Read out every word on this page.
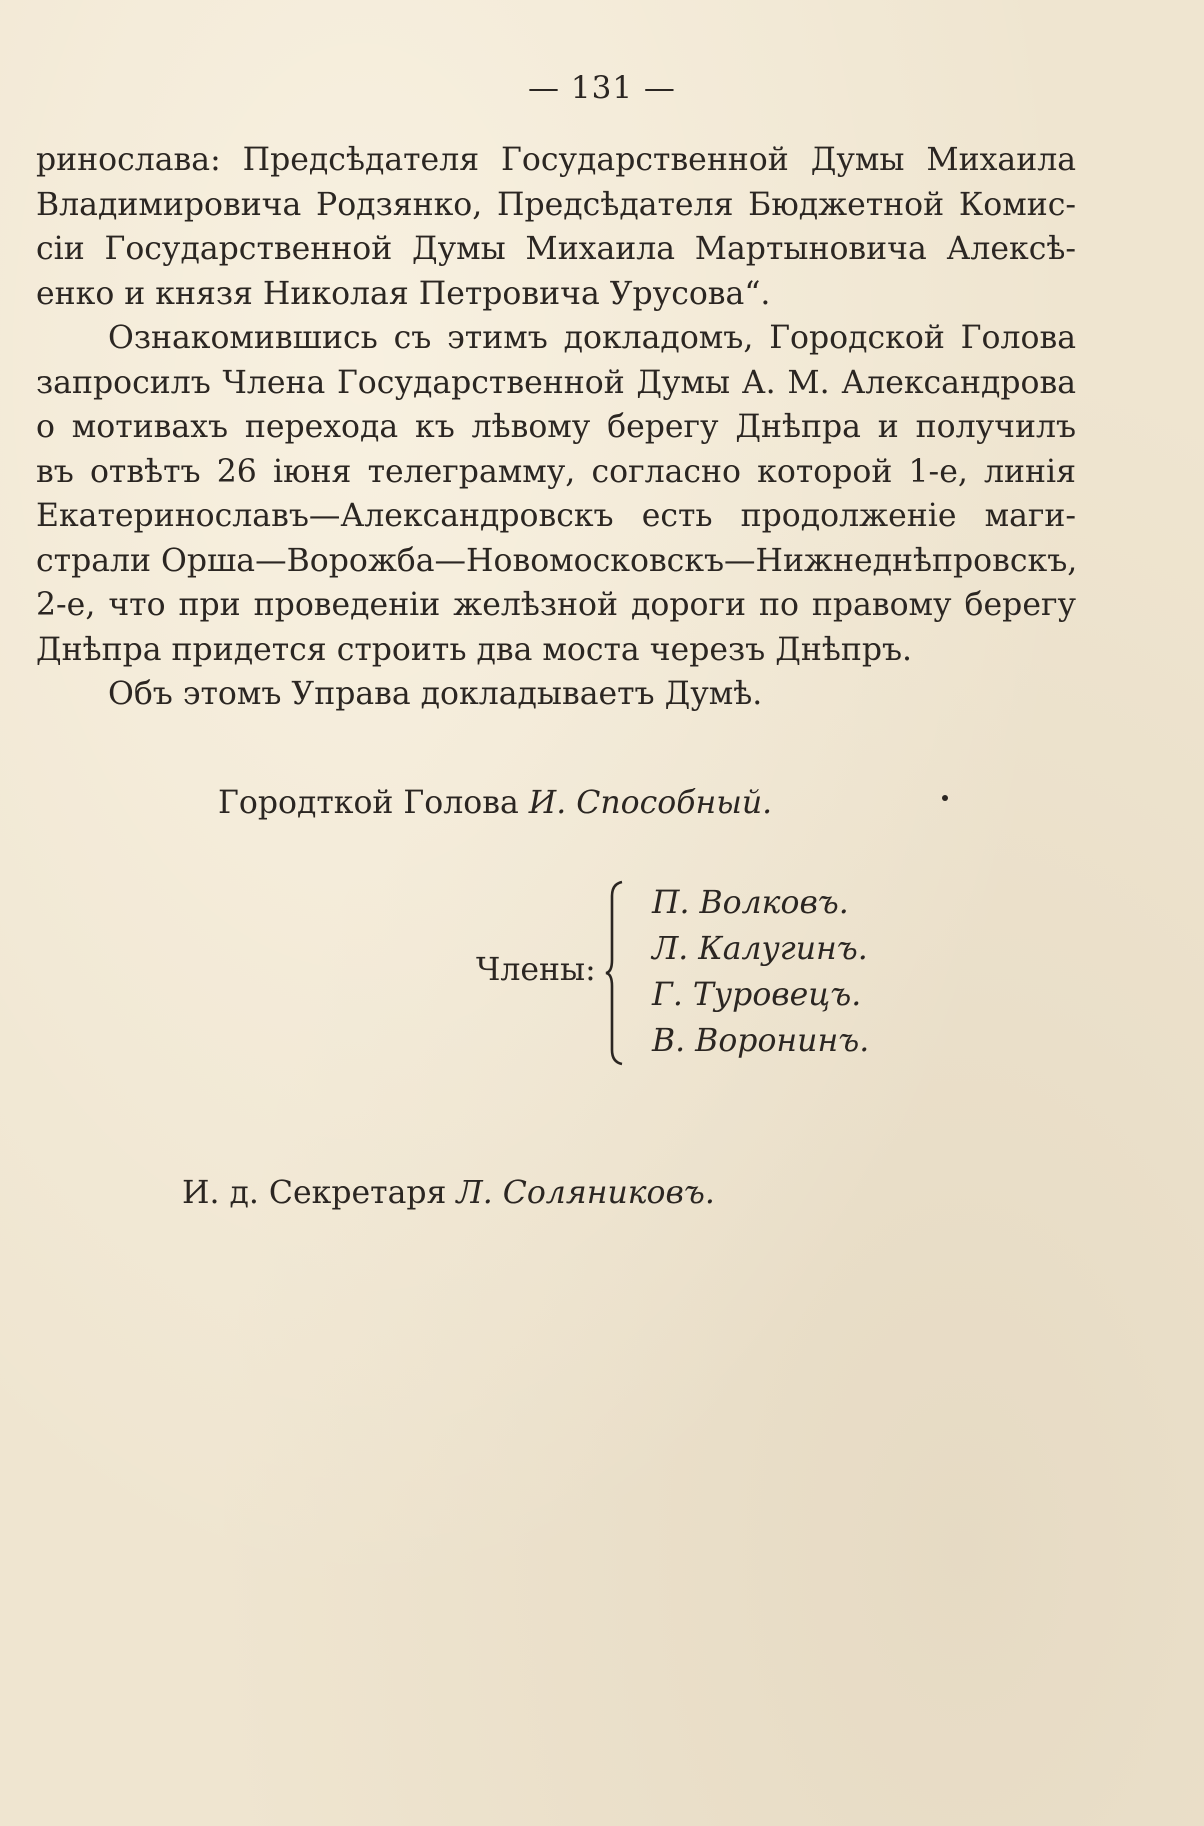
— 131 —
ринослава: Предсѣдателя Государственной Думы Михаила
Владимировича Родзянко, Предсѣдателя Бюджетной Комис-
сіи Государственной Думы Михаила Мартыновича Алексѣ-
енко и князя Николая Петровича Урусова“.
Ознакомившись съ этимъ докладомъ, Городской Голова
запросилъ Члена Государственной Думы А. М. Александрова
о мотивахъ перехода къ лѣвому берегу Днѣпра и получилъ
въ отвѣтъ 26 іюня телеграмму, согласно которой 1-е, линія
Екатеринославъ—Александровскъ есть продолженіе маги-
страли Орша—Ворожба—Новомосковскъ—Нижнеднѣпровскъ,
2-е, что при проведеніи желѣзной дороги по правому берегу
Днѣпра придется строить два моста черезъ Днѣпръ.
Объ этомъ Управа докладываетъ Думѣ.
Городткой Голова И. Способный.
Члены:
П. Волковъ.
Л. Калугинъ.
Г. Туровецъ.
В. Воронинъ.
И. д. Секретаря Л. Соляниковъ.
